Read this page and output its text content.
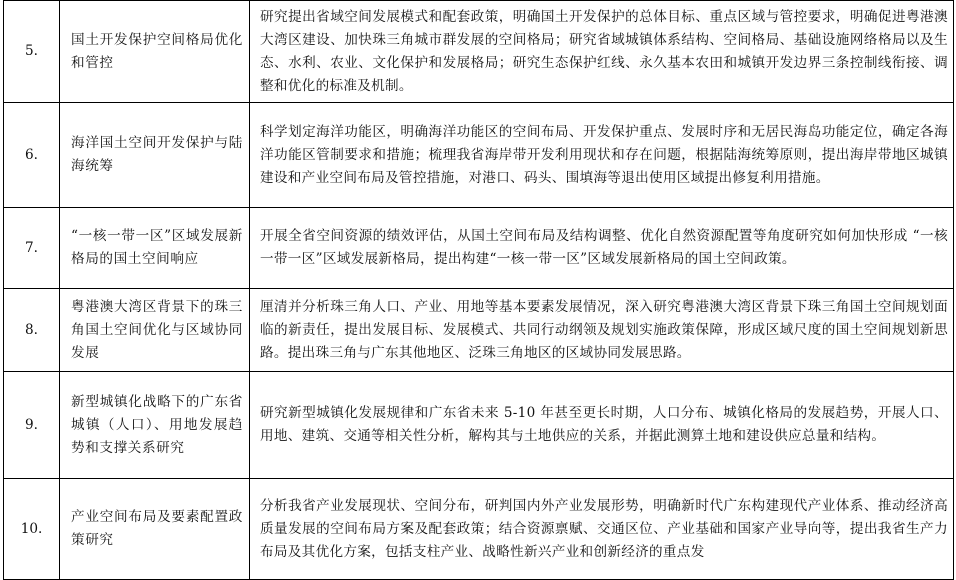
5.	国土开发保护空间格局优化和管控	研究提出省域空间发展模式和配套政策，明确国土开发保护的总体目标、重点区域与管控要求，明确促进粤港澳大湾区建设、加快珠三角城市群发展的空间格局；研究省域城镇体系结构、空间格局、基础设施网络格局以及生态、水利、农业、文化保护和发展格局；研究生态保护红线、永久基本农田和城镇开发边界三条控制线衔接、调整和优化的标准及机制。
6.	海洋国土空间开发保护与陆海统筹	科学划定海洋功能区，明确海洋功能区的空间布局、开发保护重点、发展时序和无居民海岛功能定位，确定各海洋功能区管制要求和措施；梳理我省海岸带开发利用现状和存在问题，根据陆海统筹原则，提出海岸带地区城镇建设和产业空间布局及管控措施，对港口、码头、围填海等退出使用区域提出修复利用措施。
7.	“一核一带一区”区域发展新格局的国土空间响应	开展全省空间资源的绩效评估，从国土空间布局及结构调整、优化自然资源配置等角度研究如何加快形成 “一核一带一区”区域发展新格局，提出构建“一核一带一区”区域发展新格局的国土空间政策。
8.	粤港澳大湾区背景下的珠三角国土空间优化与区域协同发展	厘清并分析珠三角人口、产业、用地等基本要素发展情况，深入研究粤港澳大湾区背景下珠三角国土空间规划面临的新责任，提出发展目标、发展模式、共同行动纲领及规划实施政策保障，形成区域尺度的国土空间规划新思路。提出珠三角与广东其他地区、泛珠三角地区的区域协同发展思路。
9.	新型城镇化战略下的广东省城镇（人口）、用地发展趋势和支撑关系研究	研究新型城镇化发展规律和广东省未来 5-10 年甚至更长时期，人口分布、城镇化格局的发展趋势，开展人口、用地、建筑、交通等相关性分析，解构其与土地供应的关系，并据此测算土地和建设供应总量和结构。
10.	产业空间布局及要素配置政策研究	分析我省产业发展现状、空间分布，研判国内外产业发展形势，明确新时代广东构建现代产业体系、推动经济高质量发展的空间布局方案及配套政策；结合资源禀赋、交通区位、产业基础和国家产业导向等，提出我省生产力布局及其优化方案，包括支柱产业、战略性新兴产业和创新经济的重点发
